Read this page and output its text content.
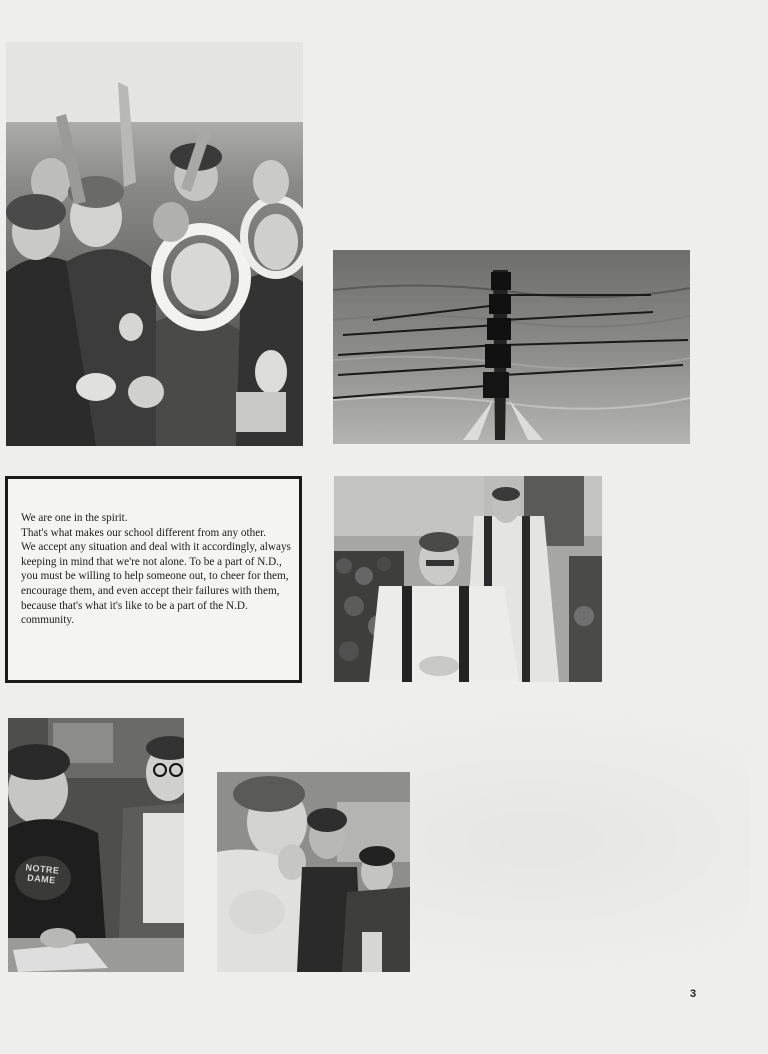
We are one in the spirit.

That's what makes our school different from any other.

We accept any situation and deal with it accordingly, always keeping in mind that we're not alone. To be a part of N.D., you must be willing to help someone out, to cheer for them, encourage them, and even accept their failures with them, because that's what it's like to be a part of the N.D. community.

NOTRE DAME
3
